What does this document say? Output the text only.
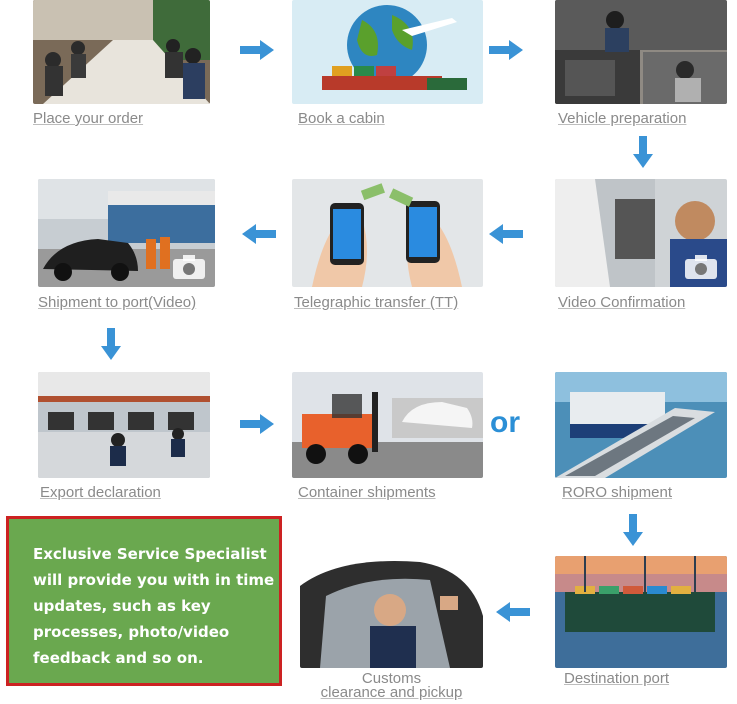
Place your order	Book a cabin	Vehicle preparation
Shipment to port(Video)	Telegraphic transfer (TT)	Video Confirmation
Export declaration	Container shipments
or
RORO shipment
Exclusive Service Specialist
will provide you with in time
updates, such as key
processes, photo/video
feedback and so on.
Customs
clearance and pickup
Destination port
